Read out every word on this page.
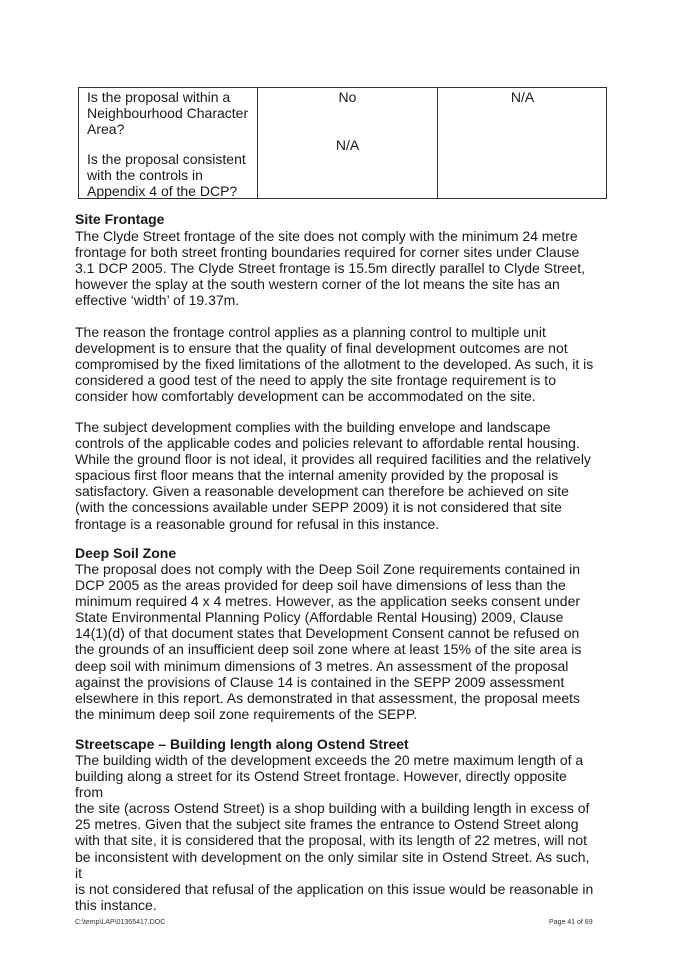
Is the proposal within a
Neighbourhood Character
Area?
No	N/A
Is the proposal consistent
with the controls in
Appendix 4 of the DCP?
N/A
Site Frontage

The Clyde Street frontage of the site does not comply with the minimum 24 metre
frontage for both street fronting boundaries required for corner sites under Clause
3.1 DCP 2005. The Clyde Street frontage is 15.5m directly parallel to Clyde Street,
however the splay at the south western corner of the lot means the site has an
effective ‘width’ of 19.37m.

The reason the frontage control applies as a planning control to multiple unit
development is to ensure that the quality of final development outcomes are not
compromised by the fixed limitations of the allotment to the developed. As such, it is
considered a good test of the need to apply the site frontage requirement is to
consider how comfortably development can be accommodated on the site.

The subject development complies with the building envelope and landscape
controls of the applicable codes and policies relevant to affordable rental housing.
While the ground floor is not ideal, it provides all required facilities and the relatively
spacious first floor means that the internal amenity provided by the proposal is
satisfactory. Given a reasonable development can therefore be achieved on site
(with the concessions available under SEPP 2009) it is not considered that site
frontage is a reasonable ground for refusal in this instance.

Deep Soil Zone

The proposal does not comply with the Deep Soil Zone requirements contained in
DCP 2005 as the areas provided for deep soil have dimensions of less than the
minimum required 4 x 4 metres. However, as the application seeks consent under
State Environmental Planning Policy (Affordable Rental Housing) 2009, Clause
14(1)(d) of that document states that Development Consent cannot be refused on
the grounds of an insufficient deep soil zone where at least 15% of the site area is
deep soil with minimum dimensions of 3 metres. An assessment of the proposal
against the provisions of Clause 14 is contained in the SEPP 2009 assessment
elsewhere in this report. As demonstrated in that assessment, the proposal meets
the minimum deep soil zone requirements of the SEPP.

Streetscape – Building length along Ostend Street

The building width of the development exceeds the 20 metre maximum length of a
building along a street for its Ostend Street frontage. However, directly opposite from
the site (across Ostend Street) is a shop building with a building length in excess of
25 metres. Given that the subject site frames the entrance to Ostend Street along
with that site, it is considered that the proposal, with its length of 22 metres, will not
be inconsistent with development on the only similar site in Ostend Street. As such, it
is not considered that refusal of the application on this issue would be reasonable in
this instance.

C:\temp\LAP\01365417.DOC	Page 41 of 69
